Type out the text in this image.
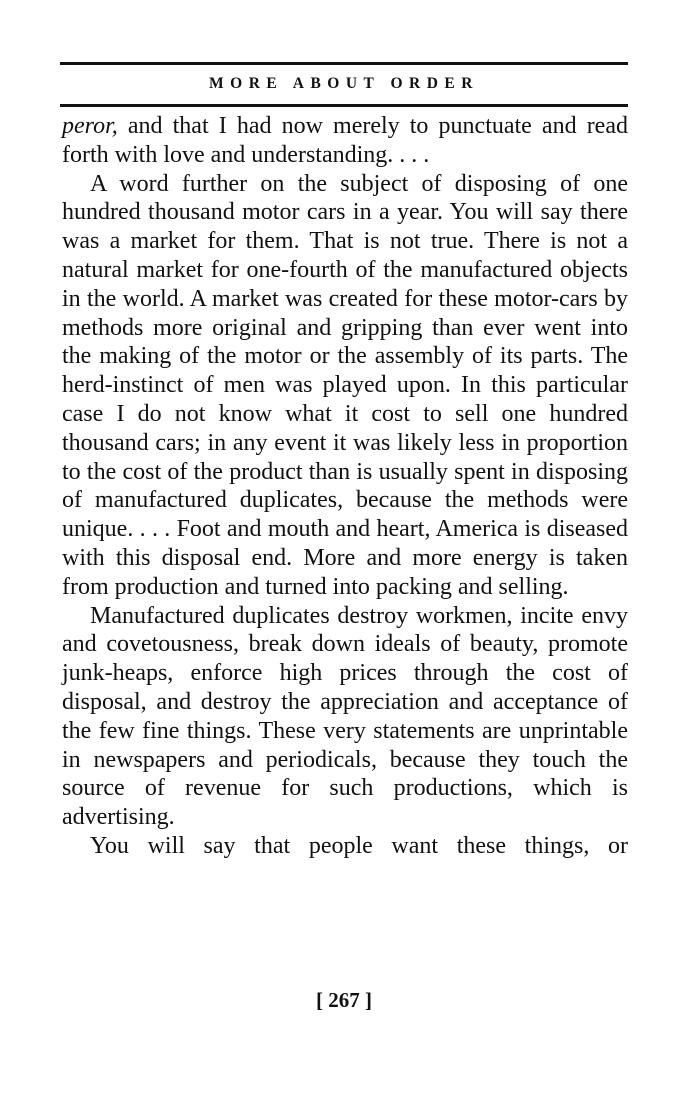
MORE ABOUT ORDER

peror, and that I had now merely to punctuate and read forth with love and understanding. . . .

A word further on the subject of disposing of one hundred thousand motor cars in a year. You will say there was a market for them. That is not true. There is not a natural market for one-fourth of the manufactured objects in the world. A market was created for these motor-cars by methods more original and gripping than ever went into the making of the motor or the assembly of its parts. The herd-instinct of men was played upon. In this particular case I do not know what it cost to sell one hundred thousand cars; in any event it was likely less in proportion to the cost of the product than is usually spent in disposing of manufactured duplicates, because the methods were unique. . . . Foot and mouth and heart, America is diseased with this disposal end. More and more energy is taken from production and turned into packing and selling.

Manufactured duplicates destroy workmen, incite envy and covetousness, break down ideals of beauty, promote junk-heaps, enforce high prices through the cost of disposal, and destroy the appreciation and acceptance of the few fine things. These very statements are unprintable in newspapers and periodicals, because they touch the source of revenue for such productions, which is advertising.

You will say that people want these things, or

[ 267 ]
